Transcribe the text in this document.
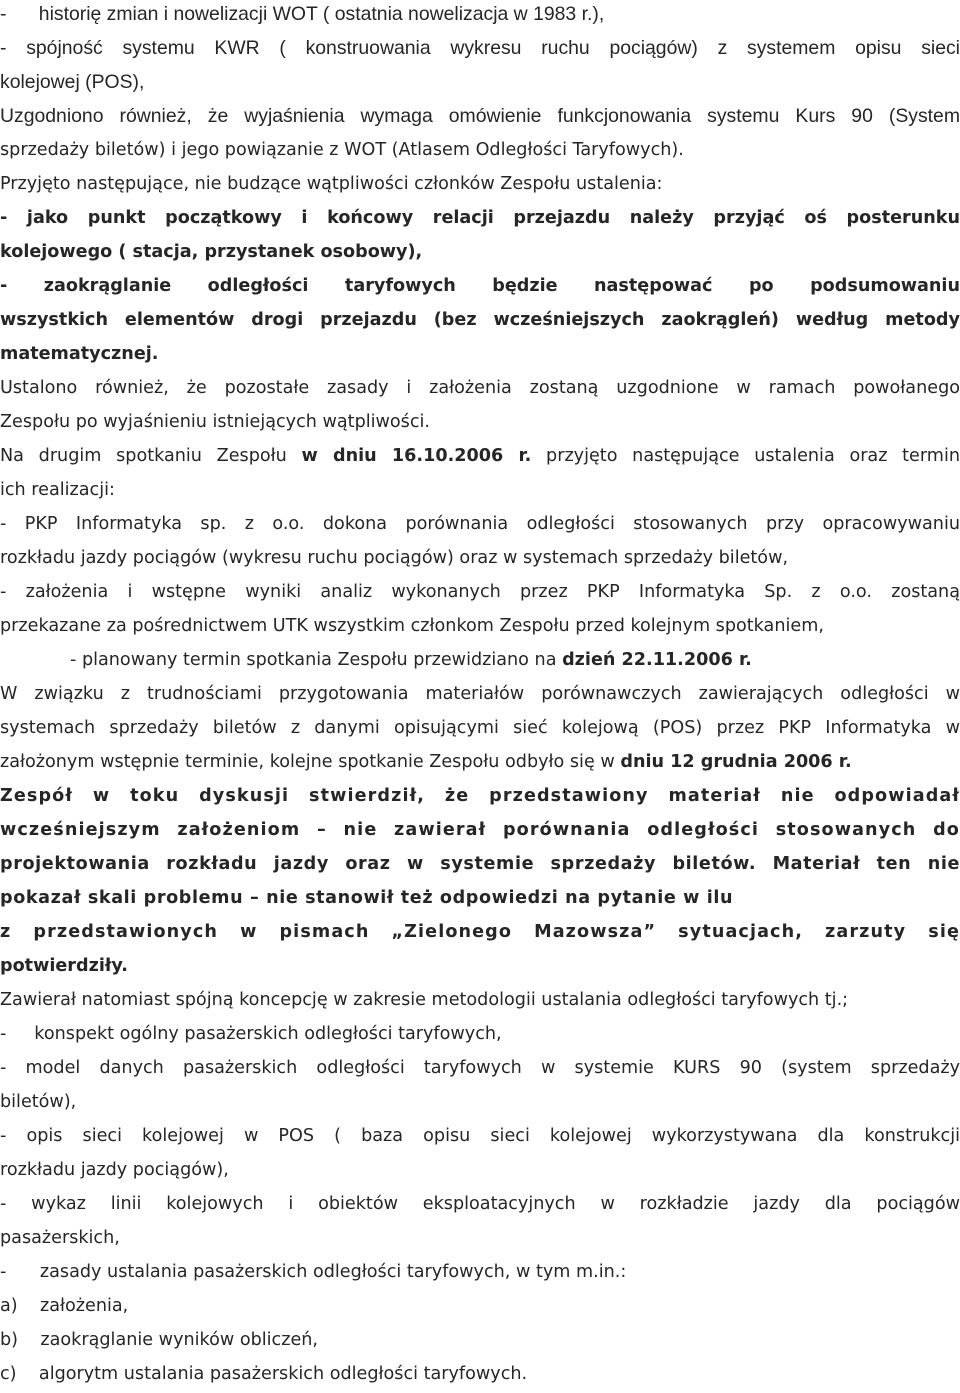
-      historię zmian i nowelizacji WOT ( ostatnia nowelizacja w 1983 r.),
- spójność systemu KWR ( konstruowania wykresu ruchu pociągów) z systemem opisu sieci
kolejowej (POS),
Uzgodniono również, że wyjaśnienia wymaga omówienie funkcjonowania systemu Kurs 90 (System
sprzedaży biletów) i jego powiązanie z WOT (Atlasem Odległości Taryfowych).
Przyjęto następujące, nie budzące wątpliwości członków Zespołu ustalenia:
- jako punkt początkowy i końcowy relacji przejazdu należy przyjąć oś posterunku
kolejowego ( stacja, przystanek osobowy),
- zaokrąglanie odległości taryfowych będzie następować po podsumowaniu
wszystkich elementów drogi przejazdu (bez wcześniejszych zaokrągleń) według metody
matematycznej.
Ustalono również, że pozostałe zasady i założenia zostaną uzgodnione w ramach powołanego
Zespołu po wyjaśnieniu istniejących wątpliwości.
Na drugim spotkaniu Zespołu w dniu 16.10.2006 r. przyjęto następujące ustalenia oraz termin
ich realizacji:
- PKP Informatyka sp. z o.o. dokona porównania odległości stosowanych przy opracowywaniu
rozkładu jazdy pociągów (wykresu ruchu pociągów) oraz w systemach sprzedaży biletów,
- założenia i wstępne wyniki analiz wykonanych przez PKP Informatyka Sp. z o.o. zostaną
przekazane za pośrednictwem UTK wszystkim członkom Zespołu przed kolejnym spotkaniem,
- planowany termin spotkania Zespołu przewidziano na dzień 22.11.2006 r.
W związku z trudnościami przygotowania materiałów porównawczych zawierających odległości w
systemach sprzedaży biletów z danymi opisującymi sieć kolejową (POS) przez PKP Informatyka w
założonym wstępnie terminie, kolejne spotkanie Zespołu odbyło się w dniu 12 grudnia 2006 r.
Zespół w toku dyskusji stwierdził, że przedstawiony materiał nie odpowiadał
wcześniejszym założeniom – nie zawierał porównania odległości stosowanych do
projektowania rozkładu jazdy oraz w systemie sprzedaży biletów. Materiał ten nie
pokazał skali problemu – nie stanowił też odpowiedzi na pytanie w ilu
z przedstawionych w pismach „Zielonego Mazowsza” sytuacjach, zarzuty się
potwierdziły.
Zawierał natomiast spójną koncepcję w zakresie metodologii ustalania odległości taryfowych tj.;
-     konspekt ogólny pasażerskich odległości taryfowych,
- model danych pasażerskich odległości taryfowych w systemie KURS 90 (system sprzedaży
biletów),
- opis sieci kolejowej w POS ( baza opisu sieci kolejowej wykorzystywana dla konstrukcji
rozkładu jazdy pociągów),
- wykaz linii kolejowych i obiektów eksploatacyjnych w rozkładzie jazdy dla pociągów
pasażerskich,
-      zasady ustalania pasażerskich odległości taryfowych, w tym m.in.:
a)    założenia,
b)    zaokrąglanie wyników obliczeń,
c)    algorytm ustalania pasażerskich odległości taryfowych.
